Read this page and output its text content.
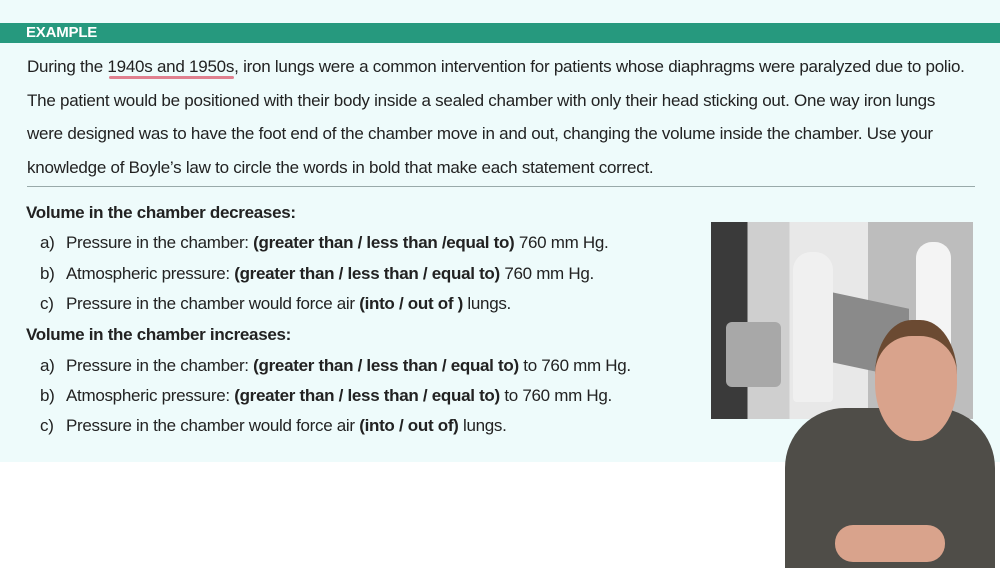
EXAMPLE
During the 1940s and 1950s, iron lungs were a common intervention for patients whose diaphragms were paralyzed due to polio. The patient would be positioned with their body inside a sealed chamber with only their head sticking out. One way iron lungs were designed was to have the foot end of the chamber move in and out, changing the volume inside the chamber. Use your knowledge of Boyle’s law to circle the words in bold that make each statement correct.
Volume in the chamber decreases:
a) Pressure in the chamber: (greater than / less than /equal to) 760 mm Hg.
b) Atmospheric pressure: (greater than / less than / equal to) 760 mm Hg.
c) Pressure in the chamber would force air (into / out of ) lungs.
Volume in the chamber increases:
a) Pressure in the chamber: (greater than / less than / equal to) to 760 mm Hg.
b) Atmospheric pressure: (greater than / less than / equal to) to 760 mm Hg.
c) Pressure in the chamber would force air (into / out of) lungs.
